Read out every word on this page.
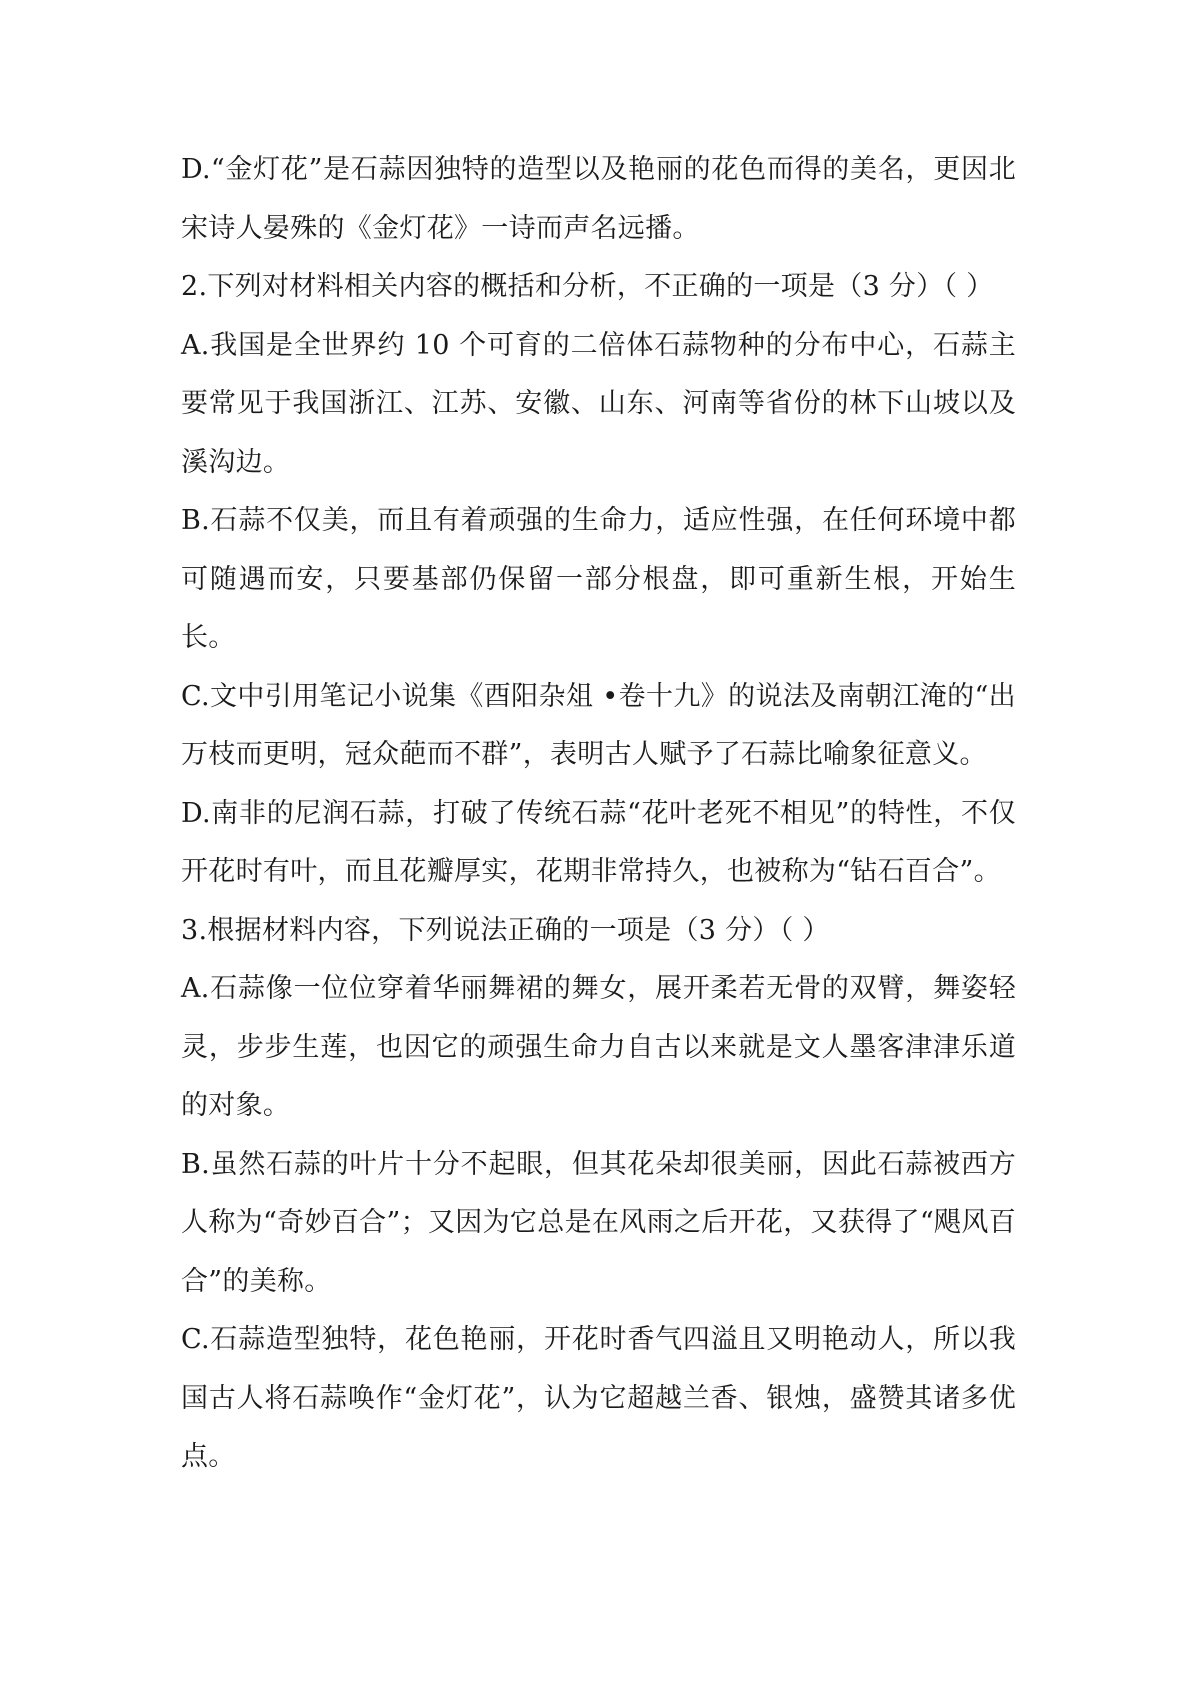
D.“金灯花”是石蒜因独特的造型以及艳丽的花色而得的美名，更因北宋诗人晏殊的《金灯花》一诗而声名远播。

2.下列对材料相关内容的概括和分析，不正确的一项是（3 分）（ ）

A.我国是全世界约 10 个可育的二倍体石蒜物种的分布中心，石蒜主要常见于我国浙江、江苏、安徽、山东、河南等省份的林下山坡以及溪沟边。

B.石蒜不仅美，而且有着顽强的生命力，适应性强，在任何环境中都可随遇而安，只要基部仍保留一部分根盘，即可重新生根，开始生长。

C.文中引用笔记小说集《酉阳杂俎 •卷十九》的说法及南朝江淹的“出万枝而更明，冠众葩而不群”，表明古人赋予了石蒜比喻象征意义。

D.南非的尼润石蒜，打破了传统石蒜“花叶老死不相见”的特性，不仅开花时有叶，而且花瓣厚实，花期非常持久，也被称为“钻石百合”。

3.根据材料内容，下列说法正确的一项是（3 分）（ ）

A.石蒜像一位位穿着华丽舞裙的舞女，展开柔若无骨的双臂，舞姿轻灵，步步生莲，也因它的顽强生命力自古以来就是文人墨客津津乐道的对象。

B.虽然石蒜的叶片十分不起眼，但其花朵却很美丽，因此石蒜被西方人称为“奇妙百合”；又因为它总是在风雨之后开花，又获得了“飓风百合”的美称。

C.石蒜造型独特，花色艳丽，开花时香气四溢且又明艳动人，所以我国古人将石蒜唤作“金灯花”，认为它超越兰香、银烛，盛赞其诸多优点。
